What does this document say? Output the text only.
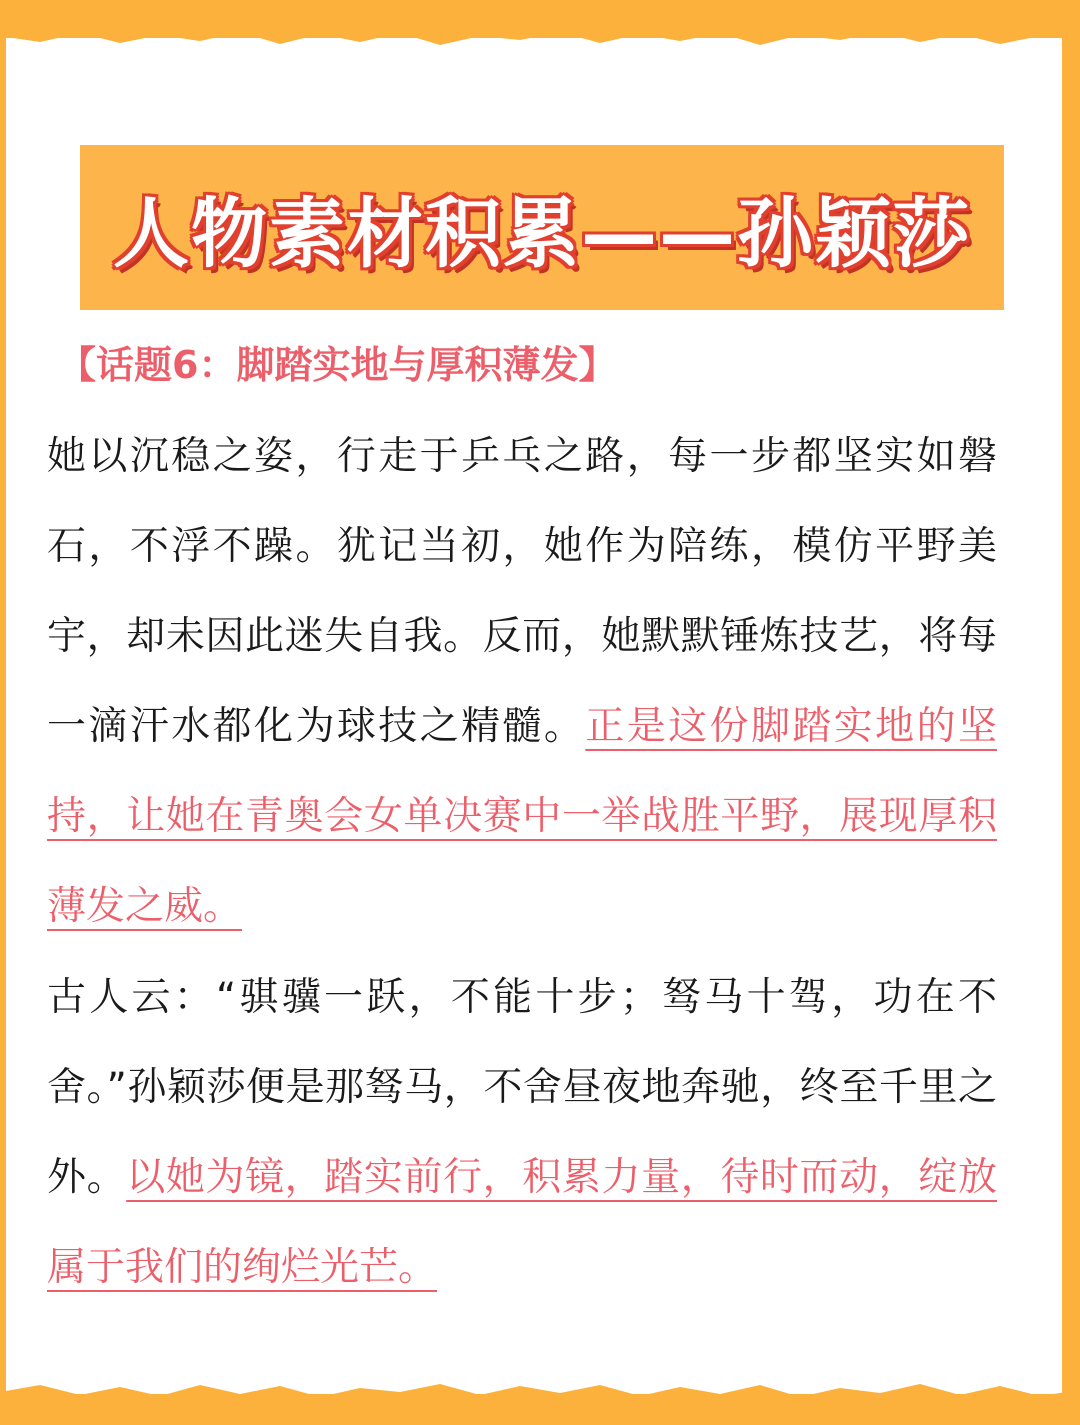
人物素材积累——孙颖莎
【话题6：脚踏实地与厚积薄发】
她以沉稳之姿，行走于乒乓之路，每一步都坚实如磐石，不浮不躁。犹记当初，她作为陪练，模仿平野美宇，却未因此迷失自我。反而，她默默锤炼技艺，将每一滴汗水都化为球技之精髓。正是这份脚踏实地的坚持，让她在青奥会女单决赛中一举战胜平野，展现厚积薄发之威。
古人云：“骐骥一跃，不能十步；驽马十驾，功在不舍。”孙颖莎便是那驽马，不舍昼夜地奔驰，终至千里之外。以她为镜，踏实前行，积累力量，待时而动，绽放属于我们的绚烂光芒。
